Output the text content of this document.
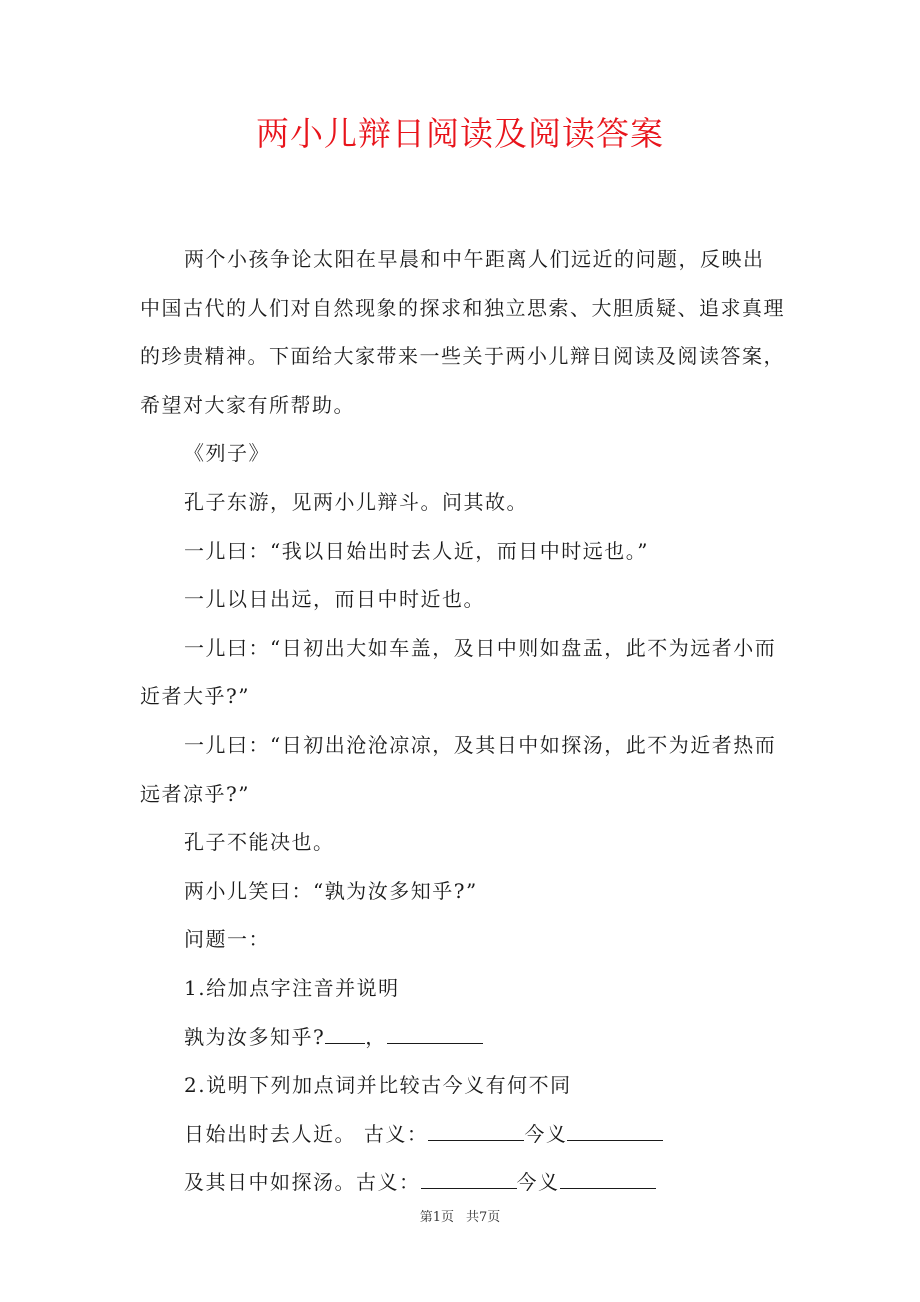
两小儿辩日阅读及阅读答案

两个小孩争论太阳在早晨和中午距离人们远近的问题，反映出中国古代的人们对自然现象的探求和独立思索、大胆质疑、追求真理的珍贵精神。下面给大家带来一些关于两小儿辩日阅读及阅读答案，希望对大家有所帮助。

《列子》

孔子东游，见两小儿辩斗。问其故。

一儿曰：“我以日始出时去人近，而日中时远也。”

一儿以日出远，而日中时近也。

一儿曰：“日初出大如车盖，及日中则如盘盂，此不为远者小而近者大乎?”

一儿曰：“日初出沧沧凉凉，及其日中如探汤，此不为近者热而远者凉乎?”

孔子不能决也。

两小儿笑曰：“孰为汝多知乎?”

问题一：

1.给加点字注音并说明

孰为汝多知乎? ，

2.说明下列加点词并比较古今义有何不同

日始出时去人近。 古义：	今义

及其日中如探汤。古义：	今义

第1页 共7页
